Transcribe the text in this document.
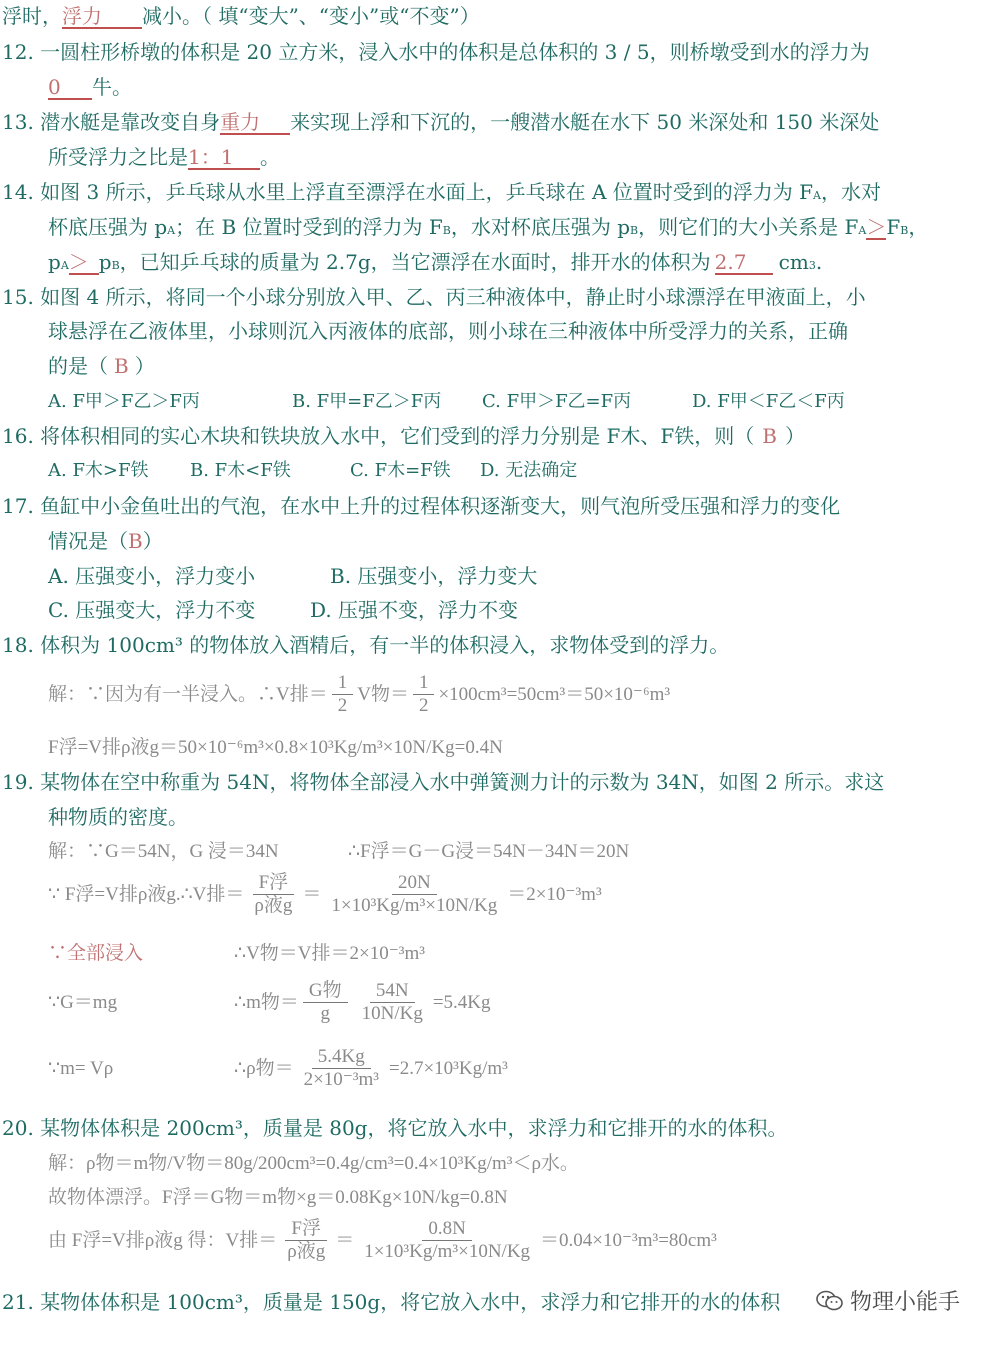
浮时， 浮力	减小。（ 填“变大”、“变小”或“不变”）
12. 一圆柱形桥墩的体积是 20 立方米，浸入水中的体积是总体积的 3 / 5，则桥墩受到水的浮力为
0	牛。
13. 潜水艇是靠改变自身 重力	来实现上浮和下沉的，一艘潜水艇在水下 50 米深处和 150 米深处
所受浮力之比是 1：1	。
14. 如图 3 所示，乒乓球从水里上浮直至漂浮在水面上，乒乓球在 A 位置时受到的浮力为 $F_A$ ，水对
杯底压强为 $p_A$ ；在 B 位置时受到的浮力为 $F_B$ ，水对杯底压强为 $p_B$ ，则它们的大小关系是 $F_A > F_B$ ，
$p_A > p_B$ ，已知乒乓球的质量为 2.7g，当它漂浮在水面时，排开水的体积为 2.7	$cm_3$ .
15. 如图 4 所示，将同一个小球分别放入甲、乙、丙三种液体中，静止时小球漂浮在甲液面上，小
球悬浮在乙液体里，小球则沉入丙液体的底部，则小球在三种液体中所受浮力的关系，正确
的是（ B ）
A. F甲＞F乙＞F丙	B. F甲=F乙＞F丙	C. F甲＞F乙=F丙	D. F甲＜F乙＜F丙
16. 将体积相同的实心木块和铁块放入水中，它们受到的浮力分别是 F木、F铁，则（ B ）
A. F木>F铁	B. F木<F铁	C. F木=F铁	D. 无法确定
17. 鱼缸中小金鱼吐出的气泡，在水中上升的过程体积逐渐变大，则气泡所受压强和浮力的变化
情况是（ B ）
A. 压强变小，浮力变小	B. 压强变小，浮力变大
C. 压强变大，浮力不变	D. 压强不变，浮力不变
18. 体积为 100cm³ 的物体放入酒精后，有一半的体积浸入，求物体受到的浮力。
解：∵因为有一半浸入。∴V排＝ $\frac{1}{2}$ V物＝ $\frac{1}{2} \times 100cm^3=50cm^3=50\times 10^{-6}m^3$
F浮=V排ρ液g＝50×10⁻⁶m³×0.8×10³Kg/m³×10N/Kg=0.4N
19. 某物体在空中称重为 54N，将物体全部浸入水中弹簧测力计的示数为 34N，如图 2 所示。求这
种物质的密度。
解：∵G＝54N，G 浸＝34N	∴F浮＝G－G浸＝54N－34N＝20N
∵ F浮=V排ρ液g.∴V排＝ $\frac{\text{F浮}}{\text{ρ液g}} = \frac{20N}{\text{1×10³Kg/m³×10N/Kg}} =2\times 10^{-3}m^3$
∵全部浸入	∴V物＝V排＝2×10⁻³m³
∵G＝mg	∴m物＝ $\frac{\text{G物}}{g} \frac{54N}{10N/Kg} =5.4Kg$
∵m= Vρ	∴ρ物＝ $\frac{5.4Kg}{\text{2×10⁻³m³}} =2.7\times 10^3Kg/m^3$
20. 某物体体积是 200cm³，质量是 80g，将它放入水中，求浮力和它排开的水的体积。
解：ρ物＝m物/V物＝80g/200cm³=0.4g/cm³=0.4×10³Kg/m³＜ρ水。
故物体漂浮。F浮＝G物＝m物×g＝0.08Kg×10N/kg=0.8N
由 F浮=V排ρ液g 得：V排＝ $\frac{\text{F浮}}{\text{ρ液g}} = \frac{0.8N}{\text{1×10³Kg/m³×10N/Kg}} =0.04\times 10^{-3}m^3=80cm^3$
21. 某物体体积是 100cm³，质量是 150g，将它放入水中，求浮力和它排开的水的体积	物理小能手
